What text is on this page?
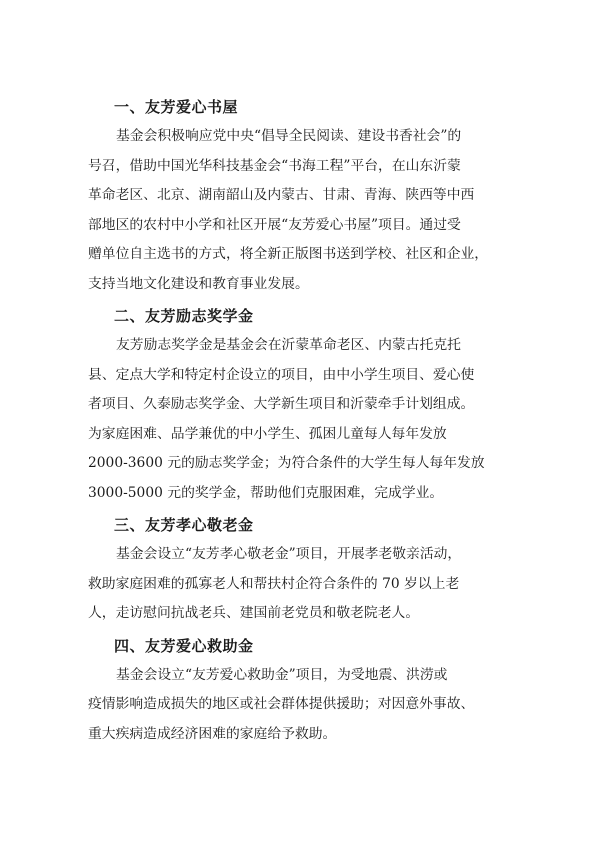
一、友芳爱心书屋
基金会积极响应党中央“倡导全民阅读、建设书香社会”的
号召，借助中国光华科技基金会“书海工程”平台，在山东沂蒙
革命老区、北京、湖南韶山及内蒙古、甘肃、青海、陕西等中西
部地区的农村中小学和社区开展“友芳爱心书屋”项目。通过受
赠单位自主选书的方式，将全新正版图书送到学校、社区和企业，
支持当地文化建设和教育事业发展。
二、友芳励志奖学金
友芳励志奖学金是基金会在沂蒙革命老区、内蒙古托克托
县、定点大学和特定村企设立的项目，由中小学生项目、爱心使
者项目、久泰励志奖学金、大学新生项目和沂蒙牵手计划组成。
为家庭困难、品学兼优的中小学生、孤困儿童每人每年发放
2000-3600 元的励志奖学金；为符合条件的大学生每人每年发放
3000-5000 元的奖学金，帮助他们克服困难，完成学业。
三、友芳孝心敬老金
基金会设立“友芳孝心敬老金”项目，开展孝老敬亲活动，
救助家庭困难的孤寡老人和帮扶村企符合条件的 70 岁以上老
人，走访慰问抗战老兵、建国前老党员和敬老院老人。
四、友芳爱心救助金
基金会设立“友芳爱心救助金”项目，为受地震、洪涝或
疫情影响造成损失的地区或社会群体提供援助；对因意外事故、
重大疾病造成经济困难的家庭给予救助。
